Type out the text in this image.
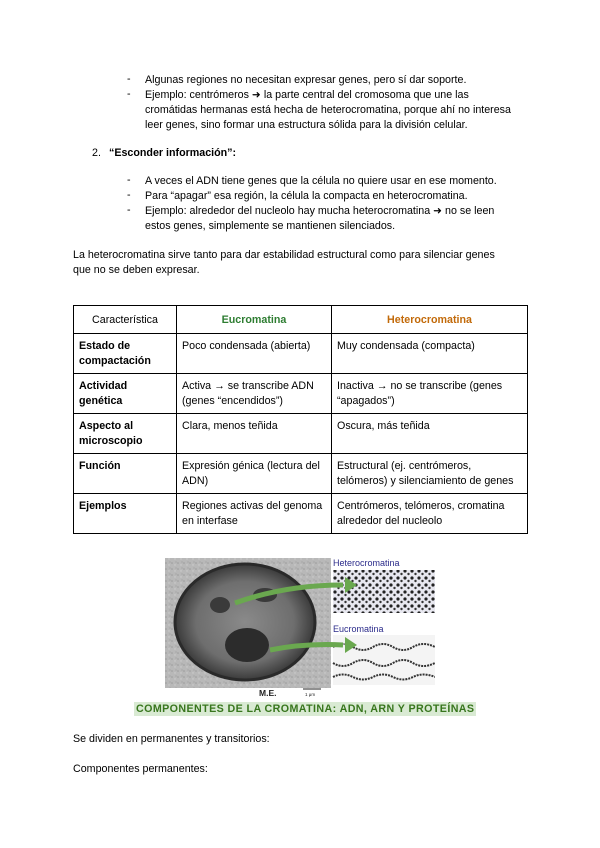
- Algunas regiones no necesitan expresar genes, pero sí dar soporte.
- Ejemplo: centrómeros ➜ la parte central del cromosoma que une las
cromátidas hermanas está hecha de heterocromatina, porque ahí no interesa
leer genes, sino formar una estructura sólida para la división celular.
2. “Esconder información”:
- A veces el ADN tiene genes que la célula no quiere usar en ese momento.
- Para “apagar” esa región, la célula la compacta en heterocromatina.
- Ejemplo: alrededor del nucleolo hay mucha heterocromatina ➜ no se leen
estos genes, simplemente se mantienen silenciados.
La heterocromatina sirve tanto para dar estabilidad estructural como para silenciar genes
que no se deben expresar.
Característica	Eucromatina	Heterocromatina
Estado de compactación	Poco condensada (abierta)	Muy condensada (compacta)
Actividad genética	Activa → se transcribe ADN (genes “encendidos”)	Inactiva → no se transcribe (genes “apagados”)
Aspecto al microscopio	Clara, menos teñida	Oscura, más teñida
Función	Expresión génica (lectura del ADN)	Estructural (ej. centrómeros, telómeros) y silenciamiento de genes
Ejemplos	Regiones activas del genoma en interfase	Centrómeros, telómeros, cromatina alrededor del nucleolo
Heterocromatina
Eucromatina
M.E.	1 μm
COMPONENTES DE LA CROMATINA: ADN, ARN Y PROTEÍNAS
Se dividen en permanentes y transitorios:
Componentes permanentes:
